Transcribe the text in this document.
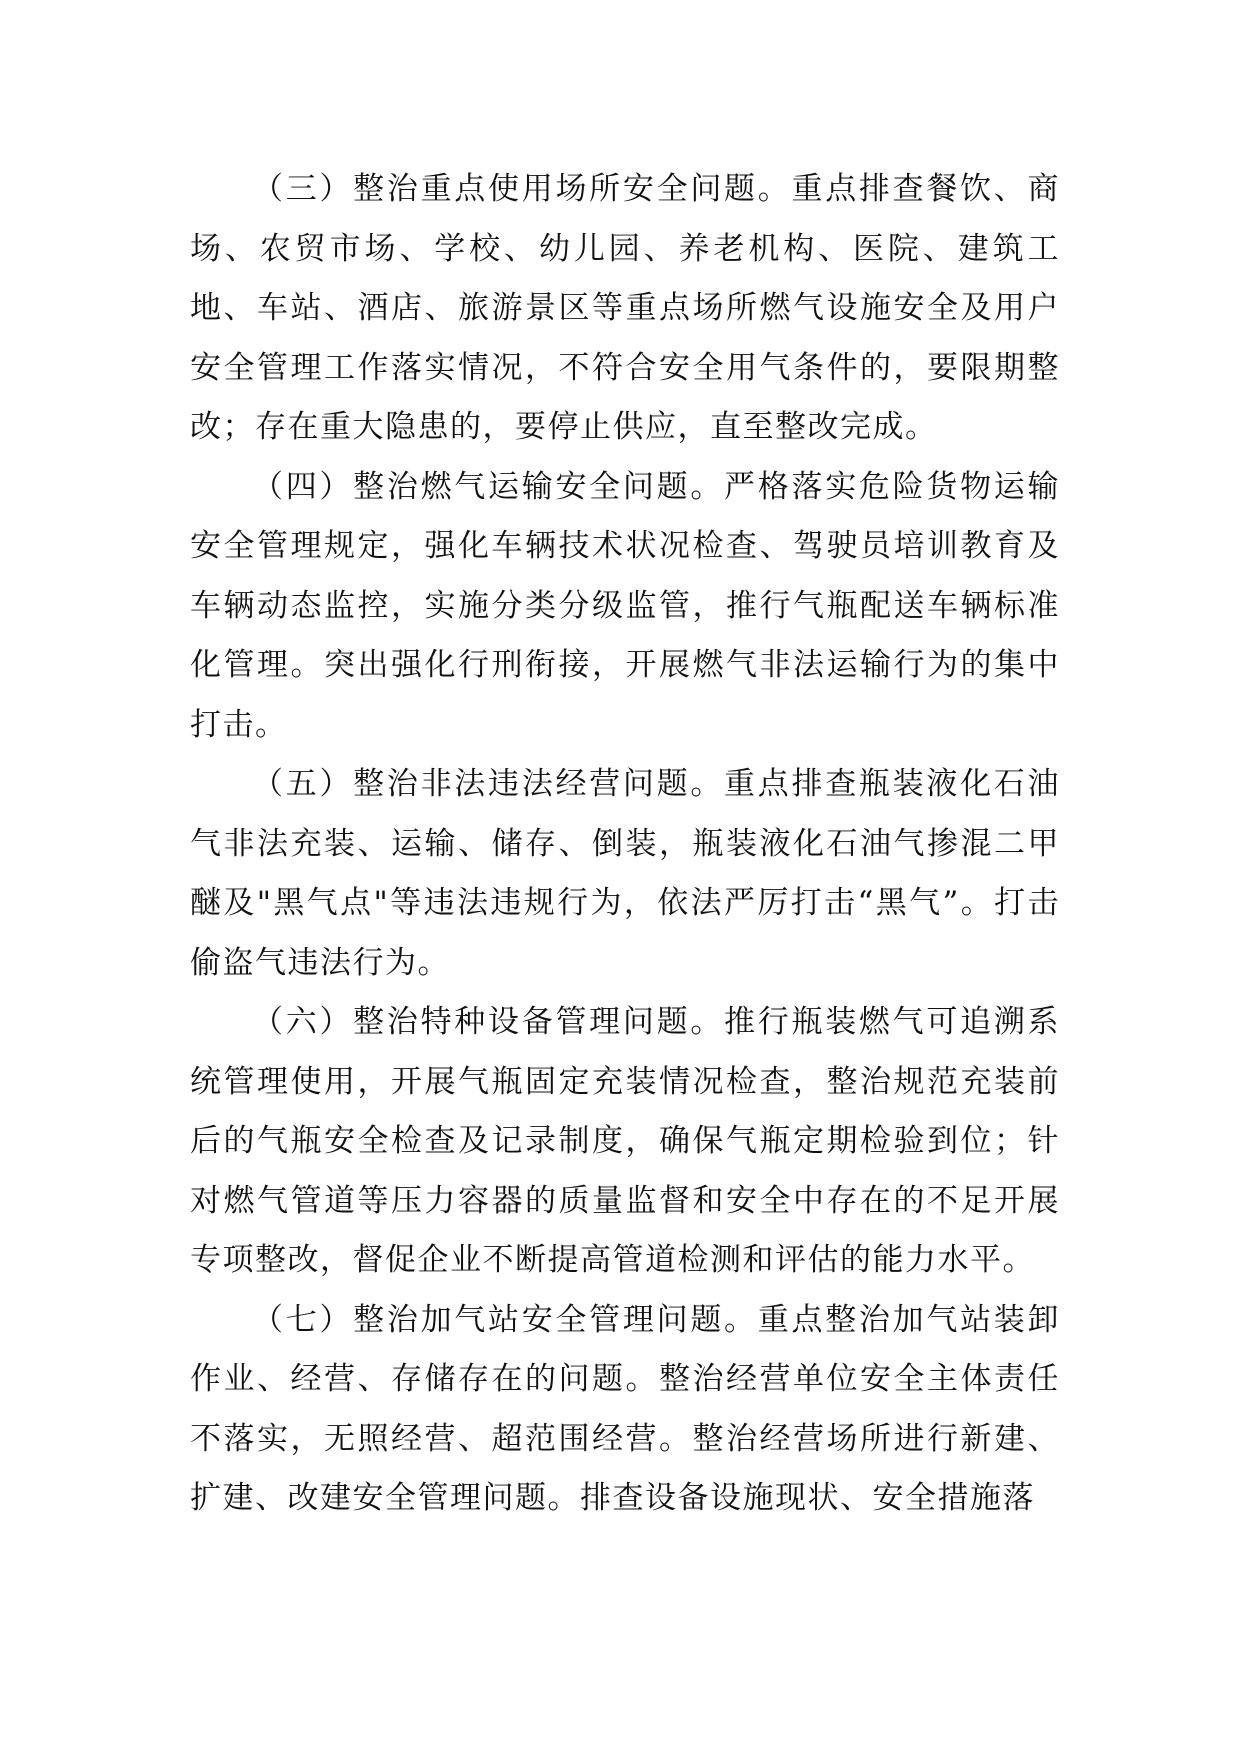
（三）整治重点使用场所安全问题。重点排查餐饮、商场、农贸市场、学校、幼儿园、养老机构、医院、建筑工地、车站、酒店、旅游景区等重点场所燃气设施安全及用户安全管理工作落实情况，不符合安全用气条件的，要限期整改；存在重大隐患的，要停止供应，直至整改完成。

（四）整治燃气运输安全问题。严格落实危险货物运输安全管理规定，强化车辆技术状况检查、驾驶员培训教育及车辆动态监控，实施分类分级监管，推行气瓶配送车辆标准化管理。突出强化行刑衔接，开展燃气非法运输行为的集中打击。

（五）整治非法违法经营问题。重点排查瓶装液化石油气非法充装、运输、储存、倒装，瓶装液化石油气掺混二甲醚及"黑气点"等违法违规行为，依法严厉打击“黑气”。打击偷盗气违法行为。

（六）整治特种设备管理问题。推行瓶装燃气可追溯系统管理使用，开展气瓶固定充装情况检查，整治规范充装前后的气瓶安全检查及记录制度，确保气瓶定期检验到位；针对燃气管道等压力容器的质量监督和安全中存在的不足开展专项整改，督促企业不断提高管道检测和评估的能力水平。

（七）整治加气站安全管理问题。重点整治加气站装卸作业、经营、存储存在的问题。整治经营单位安全主体责任不落实，无照经营、超范围经营。整治经营场所进行新建、扩建、改建安全管理问题。排查设备设施现状、安全措施落
